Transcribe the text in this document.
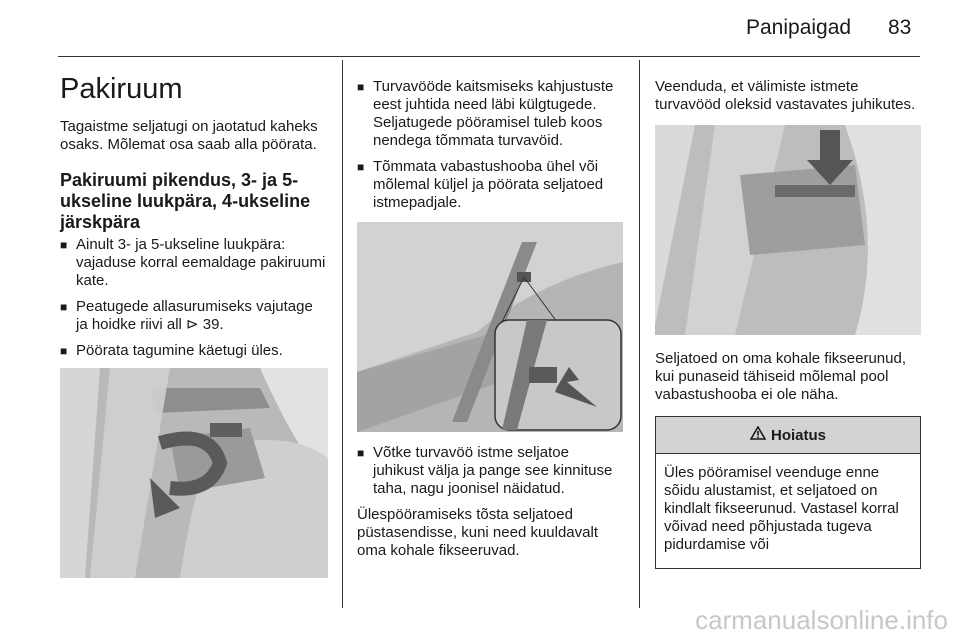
Panipaigad 83
Pakiruum

Tagaistme seljatugi on jaotatud kaheks osaks. Mõlemat osa saab alla pöörata.

Pakiruumi pikendus, 3- ja 5-ukseline luukpära, 4-ukseline järskpära
■ Ainult 3- ja 5-ukseline luukpära: vajaduse korral eemaldage pakiruumi kate.
■ Peatugede allasurumiseks vajutage ja hoidke riivi all ⊳ 39.
■ Pöörata tagumine käetugi üles.
■ Turvavööde kaitsmiseks kahjustuste eest juhtida need läbi külgtugede. Seljatugede pööramisel tuleb koos nendega tõmmata turvavöid.
■ Tõmmata vabastushooba ühel või mõlemal küljel ja pöörata seljatoed istmepadjale.
■ Võtke turvavöö istme seljatoe juhikust välja ja pange see kinnituse taha, nagu joonisel näidatud.

Ülespööramiseks tõsta seljatoed püstasendisse, kuni need kuuldavalt oma kohale fikseeruvad.

Veenduda, et välimiste istmete turvavööd oleksid vastavates juhikutes.

Seljatoed on oma kohale fikseerunud, kui punaseid tähiseid mõlemal pool vabastushooba ei ole näha.

Hoiatus

Üles pööramisel veenduge enne sõidu alustamist, et seljatoed on kindlalt fikseerunud. Vastasel korral võivad need põhjustada tugeva pidurdamise või

carmanualsonline.info
